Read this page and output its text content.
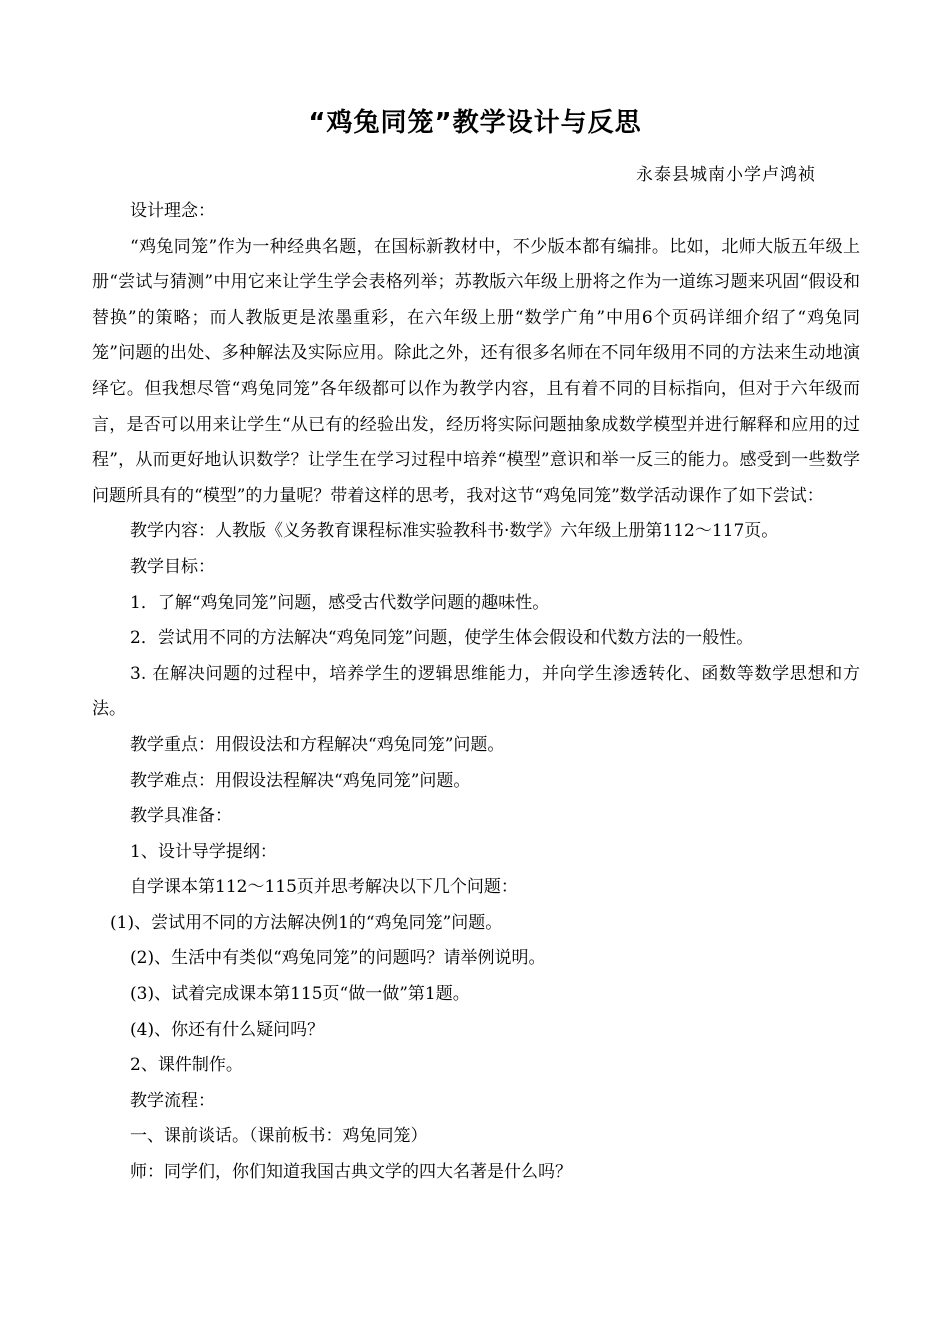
“鸡兔同笼”教学设计与反思
永泰县城南小学卢鸿祯

设计理念：

“鸡兔同笼”作为一种经典名题，在国标新教材中，不少版本都有编排。比如，北师大版五年级上册“尝试与猜测”中用它来让学生学会表格列举；苏教版六年级上册将之作为一道练习题来巩固“假设和替换”的策略；而人教版更是浓墨重彩，在六年级上册“数学广角”中用6个页码详细介绍了“鸡兔同笼”问题的出处、多种解法及实际应用。除此之外，还有很多名师在不同年级用不同的方法来生动地演绎它。但我想尽管“鸡兔同笼”各年级都可以作为教学内容，且有着不同的目标指向，但对于六年级而言，是否可以用来让学生“从已有的经验出发，经历将实际问题抽象成数学模型并进行解释和应用的过程”，从而更好地认识数学？让学生在学习过程中培养“模型”意识和举一反三的能力。感受到一些数学问题所具有的“模型”的力量呢？带着这样的思考，我对这节“鸡兔同笼”数学活动课作了如下尝试：

教学内容：人教版《义务教育课程标准实验教科书·数学》六年级上册第112～117页。

教学目标：

1．了解“鸡兔同笼”问题，感受古代数学问题的趣味性。

2．尝试用不同的方法解决“鸡兔同笼”问题，使学生体会假设和代数方法的一般性。

3. 在解决问题的过程中，培养学生的逻辑思维能力，并向学生渗透转化、函数等数学思想和方法。

教学重点：用假设法和方程解决“鸡兔同笼”问题。

教学难点：用假设法程解决“鸡兔同笼”问题。

教学具准备：

1、设计导学提纲：

自学课本第112～115页并思考解决以下几个问题：

(1)、尝试用不同的方法解决例1的“鸡兔同笼”问题。

(2)、生活中有类似“鸡兔同笼”的问题吗？请举例说明。

(3)、试着完成课本第115页“做一做”第1题。

(4)、你还有什么疑问吗？

2、课件制作。

教学流程：

一、课前谈话。（课前板书：鸡兔同笼）

师：同学们，你们知道我国古典文学的四大名著是什么吗？
